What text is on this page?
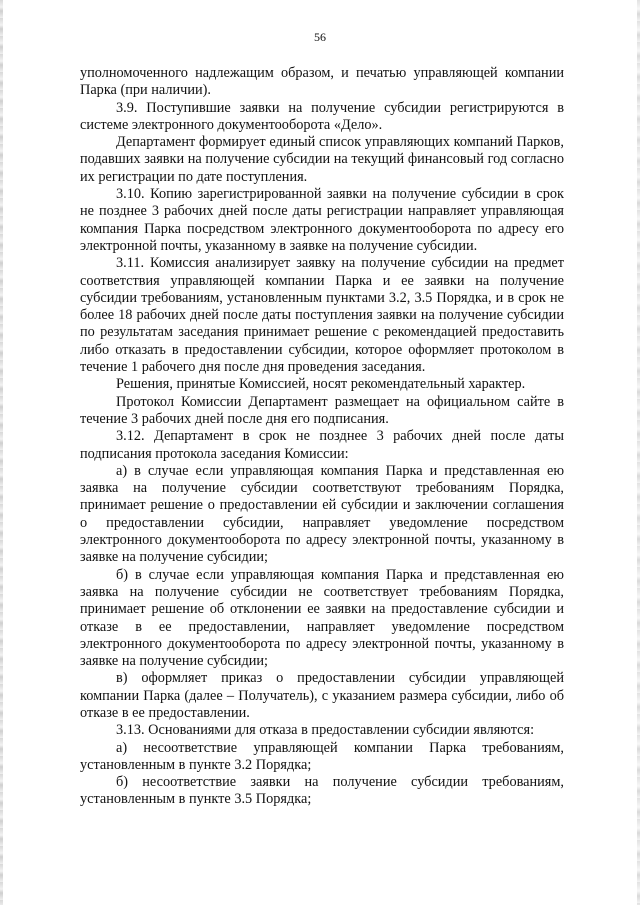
56

уполномоченного надлежащим образом, и печатью управляющей компании Парка (при наличии).

3.9. Поступившие заявки на получение субсидии регистрируются в системе электронного документооборота «Дело».

Департамент формирует единый список управляющих компаний Парков, подавших заявки на получение субсидии на текущий финансовый год согласно их регистрации по дате поступления.

3.10. Копию зарегистрированной заявки на получение субсидии в срок не позднее 3 рабочих дней после даты регистрации направляет управляющая компания Парка посредством электронного документооборота по адресу его электронной почты, указанному в заявке на получение субсидии.

3.11. Комиссия анализирует заявку на получение субсидии на предмет соответствия управляющей компании Парка и ее заявки на получение субсидии требованиям, установленным пунктами 3.2, 3.5 Порядка, и в срок не более 18 рабочих дней после даты поступления заявки на получение субсидии по результатам заседания принимает решение с рекомендацией предоставить либо отказать в предоставлении субсидии, которое оформляет протоколом в течение 1 рабочего дня после дня проведения заседания.

Решения, принятые Комиссией, носят рекомендательный характер.

Протокол Комиссии Департамент размещает на официальном сайте в течение 3 рабочих дней после дня его подписания.

3.12. Департамент в срок не позднее 3 рабочих дней после даты подписания протокола заседания Комиссии:

а) в случае если управляющая компания Парка и представленная ею заявка на получение субсидии соответствуют требованиям Порядка, принимает решение о предоставлении ей субсидии и заключении соглашения о предоставлении субсидии, направляет уведомление посредством электронного документооборота по адресу электронной почты, указанному в заявке на получение субсидии;

б) в случае если управляющая компания Парка и представленная ею заявка на получение субсидии не соответствует требованиям Порядка, принимает решение об отклонении ее заявки на предоставление субсидии и отказе в ее предоставлении, направляет уведомление посредством электронного документооборота по адресу электронной почты, указанному в заявке на получение субсидии;

в) оформляет приказ о предоставлении субсидии управляющей компании Парка (далее – Получатель), с указанием размера субсидии, либо об отказе в ее предоставлении.

3.13. Основаниями для отказа в предоставлении субсидии являются:

а) несоответствие управляющей компании Парка требованиям, установленным в пункте 3.2 Порядка;

б) несоответствие заявки на получение субсидии требованиям, установленным в пункте 3.5 Порядка;
